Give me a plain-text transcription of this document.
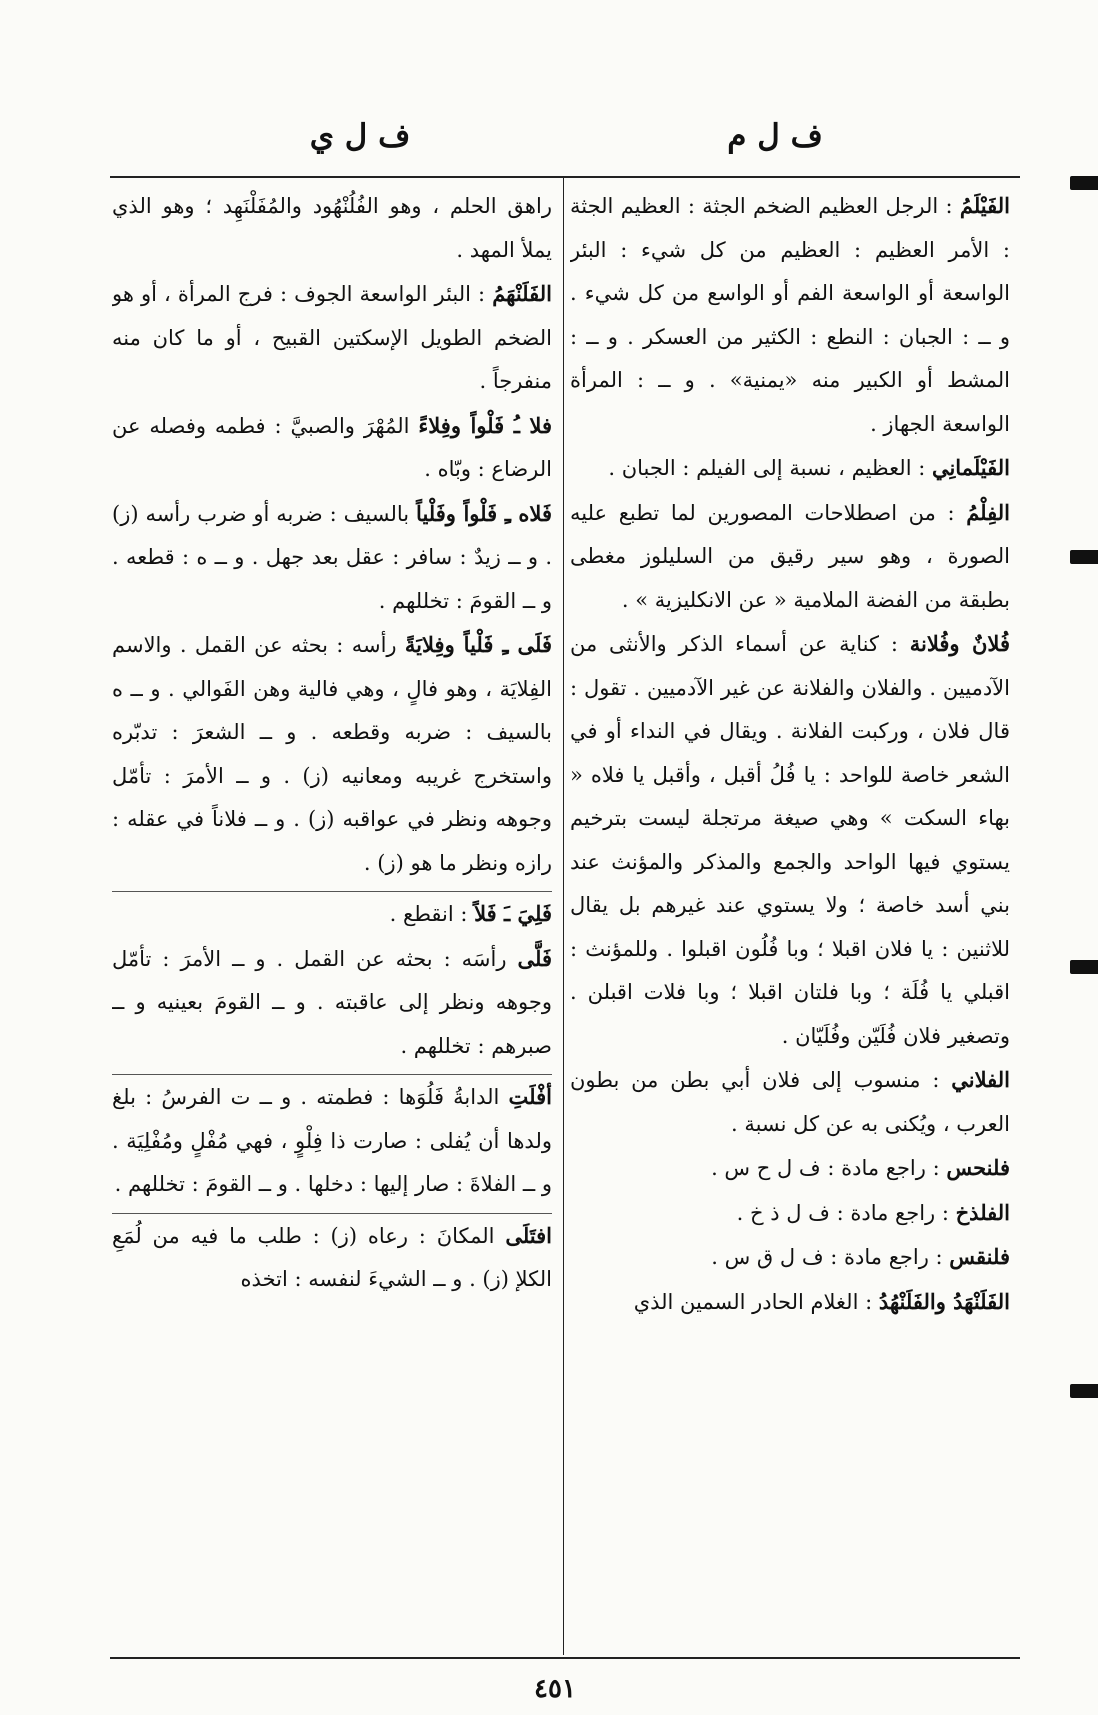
ف ل م
ف ل ي

الفَيْلَمُ : الرجل العظيم الضخم الجثة : العظيم الجثة : الأمر العظيم : العظيم من كل شيء : البئر الواسعة أو الواسعة الفم أو الواسع من كل شيء . و ــ : الجبان : النطع : الكثير من العسكر . و ــ : المشط أو الكبير منه «يمنية» . و ــ : المرأة الواسعة الجهاز .

الفَيْلَمانِي : العظيم ، نسبة إلى الفيلم : الجبان .

الفِلْمُ : من اصطلاحات المصورين لما تطبع عليه الصورة ، وهو سير رقيق من السليلوز مغطى بطبقة من الفضة الملامية « عن الانكليزية » .

فُلانٌ وفُلانة : كناية عن أسماء الذكر والأنثى من الآدميين . والفلان والفلانة عن غير الآدميين . تقول : قال فلان ، وركبت الفلانة . ويقال في النداء أو في الشعر خاصة للواحد : يا فُلُ أقبل ، وأقبل يا فلاه « بهاء السكت » وهي صيغة مرتجلة ليست بترخيم يستوي فيها الواحد والجمع والمذكر والمؤنث عند بني أسد خاصة ؛ ولا يستوي عند غيرهم بل يقال للاثنين : يا فلان اقبلا ؛ وبا فُلُون اقبلوا . وللمؤنث : اقبلي يا فُلَة ؛ وبا فلتان اقبلا ؛ وبا فلات اقبلن . وتصغير فلان فُلَيّن وفُلَيّان .

الفلاني : منسوب إلى فلان أبي بطن من بطون العرب ، ويُكنى به عن كل نسبة .

فلنحس : راجع مادة : ف ل ح س .

الفلذخ : راجع مادة : ف ل ذ خ .

فلنقس : راجع مادة : ف ل ق س .

الفَلَنْهَدُ والفَلَنْهُدُ : الغلام الحادر السمين الذي

راهق الحلم ، وهو الفُلُنْهُود والمُفَلْنَهِد ؛ وهو الذي يملأ المهد .

الفَلَنْهَمُ : البئر الواسعة الجوف : فرج المرأة ، أو هو الضخم الطويل الإسكتين القبيح ، أو ما كان منه منفرجاً .

فلا ـُ فَلْواً وفِلاءً المُهْرَ والصبيَّ : فطمه وفصله عن الرضاع : وبّاه .

فَلاه ـِ فَلْواً وفَلْياً بالسيف : ضربه أو ضرب رأسه (ز) . و ــ زيدٌ : سافر : عقل بعد جهل . و ــ ه : قطعه . و ــ القومَ : تخللهم .

فَلَى ـِ فَلْياً وفِلايَةً رأسه : بحثه عن القمل . والاسم الفِلايَة ، وهو فالٍ ، وهي فالية وهن الفَوالي . و ــ ه بالسيف : ضربه وقطعه . و ــ الشعرَ : تدبّره واستخرج غريبه ومعانيه (ز) . و ــ الأمرَ : تأمّل وجوهه ونظر في عواقبه (ز) . و ــ فلاناً في عقله : رازه ونظر ما هو (ز) .

فَلِيَ ـَ فَلاً : انقطع .

فَلَّى رأسَه : بحثه عن القمل . و ــ الأمرَ : تأمّل وجوهه ونظر إلى عاقبته . و ــ القومَ بعينيه و ــ صبرهم : تخللهم .

أفْلَتِ الدابةُ فَلُوَها : فطمته . و ــ ت الفرسُ : بلغ ولدها أن يُفلى : صارت ذا فِلْوٍ ، فهي مُفْلٍ ومُفْلِيَة . و ــ الفلاةَ : صار إليها : دخلها . و ــ القومَ : تخللهم .

افتَلَى المكانَ : رعاه (ز) : طلب ما فيه من لُمَعِ الكلإ (ز) . و ــ الشيءَ لنفسه : اتخذه

٤٥١
